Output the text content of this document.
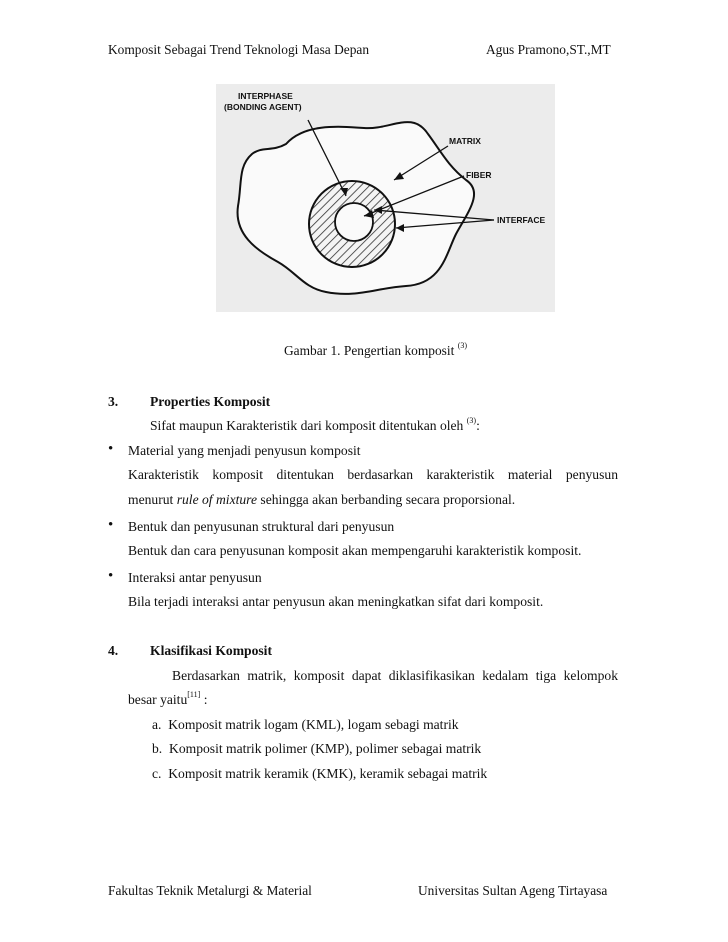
Komposit Sebagai Trend Teknologi Masa Depan	Agus Pramono,ST.,MT
INTERPHASE
(BONDING AGENT)
MATRIX
FIBER
INTERFACE
Gambar 1. Pengertian komposit $^{(3)}$
3. Properties Komposit
Sifat maupun Karakteristik dari komposit ditentukan oleh $^{(3)}$:
• Material yang menjadi penyusun komposit
Karakteristik komposit ditentukan berdasarkan karakteristik material penyusun
menurut rule of mixture sehingga akan berbanding secara proporsional.
• Bentuk dan penyusunan struktural dari penyusun
Bentuk dan cara penyusunan komposit akan mempengaruhi karakteristik komposit.
• Interaksi antar penyusun
Bila terjadi interaksi antar penyusun akan meningkatkan sifat dari komposit.
4. Klasifikasi Komposit
Berdasarkan matrik, komposit dapat diklasifikasikan kedalam tiga kelompok
besar yaitu[11] :
a. Komposit matrik logam (KML), logam sebagi matrik
b. Komposit matrik polimer (KMP), polimer sebagai matrik
c. Komposit matrik keramik (KMK), keramik sebagai matrik
Fakultas Teknik Metalurgi & Material	Universitas Sultan Ageng Tirtayasa
